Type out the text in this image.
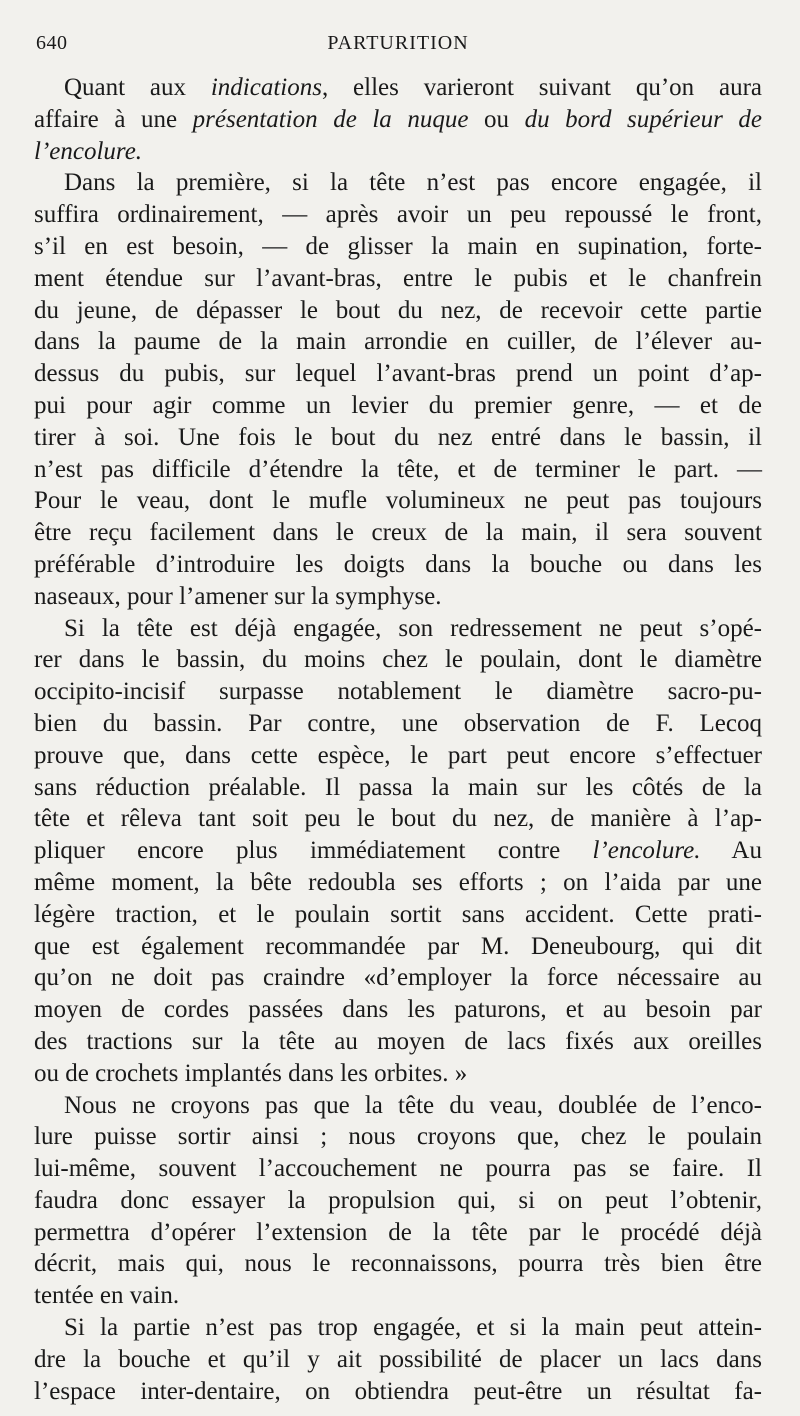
640	PARTURITION
Quant aux indications, elles varieront suivant qu’on aura
affaire à une présentation de la nuque ou du bord supérieur de
l’encolure.
Dans la première, si la tête n’est pas encore engagée, il
suffira ordinairement, — après avoir un peu repoussé le front,
s’il en est besoin, — de glisser la main en supination, forte-
ment étendue sur l’avant-bras, entre le pubis et le chanfrein
du jeune, de dépasser le bout du nez, de recevoir cette partie
dans la paume de la main arrondie en cuiller, de l’élever au-
dessus du pubis, sur lequel l’avant-bras prend un point d’ap-
pui pour agir comme un levier du premier genre, — et de
tirer à soi. Une fois le bout du nez entré dans le bassin, il
n’est pas difficile d’étendre la tête, et de terminer le part. —
Pour le veau, dont le mufle volumineux ne peut pas toujours
être reçu facilement dans le creux de la main, il sera souvent
préférable d’introduire les doigts dans la bouche ou dans les
naseaux, pour l’amener sur la symphyse.
Si la tête est déjà engagée, son redressement ne peut s’opé-
rer dans le bassin, du moins chez le poulain, dont le diamètre
occipito-incisif surpasse notablement le diamètre sacro-pu-
bien du bassin. Par contre, une observation de F. Lecoq
prouve que, dans cette espèce, le part peut encore s’effectuer
sans réduction préalable. Il passa la main sur les côtés de la
tête et rêleva tant soit peu le bout du nez, de manière à l’ap-
pliquer encore plus immédiatement contre l’encolure. Au
même moment, la bête redoubla ses efforts ; on l’aida par une
légère traction, et le poulain sortit sans accident. Cette prati-
que est également recommandée par M. Deneubourg, qui dit
qu’on ne doit pas craindre «d’employer la force nécessaire au
moyen de cordes passées dans les paturons, et au besoin par
des tractions sur la tête au moyen de lacs fixés aux oreilles
ou de crochets implantés dans les orbites. »
Nous ne croyons pas que la tête du veau, doublée de l’enco-
lure puisse sortir ainsi ; nous croyons que, chez le poulain
lui-même, souvent l’accouchement ne pourra pas se faire. Il
faudra donc essayer la propulsion qui, si on peut l’obtenir,
permettra d’opérer l’extension de la tête par le procédé déjà
décrit, mais qui, nous le reconnaissons, pourra très bien être
tentée en vain.
Si la partie n’est pas trop engagée, et si la main peut attein-
dre la bouche et qu’il y ait possibilité de placer un lacs dans
l’espace inter-dentaire, on obtiendra peut-être un résultat fa-
